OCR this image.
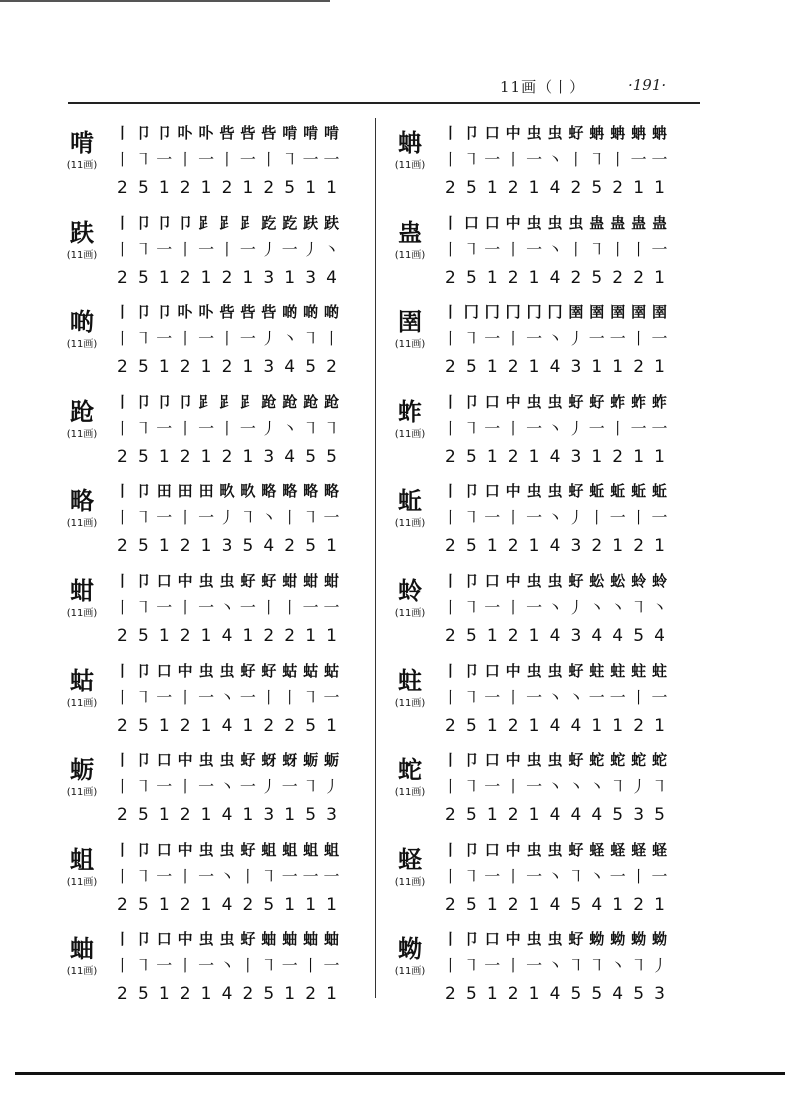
11画（丨）	·191·
啃
(11画)
丨 卩 卩 卟 卟 呰 呰 呰 啃 啃 啃
丨 ㇕ 一 丨 一 丨 一 丨 ㇕ 一 一
2 5 1 2 1 2 1 2 5 1 1
趺
(11画)
丨 卩 卩 卩 𧾷 𧾷 𧾷 趷 趷 趺 趺
丨 ㇕ 一 丨 一 丨 一 丿 一 丿 丶
2 5 1 2 1 2 1 3 1 3 4
啲
(11画)
丨 卩 卩 卟 卟 呰 呰 呰 啲 啲 啲
丨 ㇕ 一 丨 一 丨 一 丿 丶 ㇕ 丨
2 5 1 2 1 2 1 3 4 5 2
跄
(11画)
丨 卩 卩 卩 𧾷 𧾷 𧾷 跄 跄 跄 跄
丨 ㇕ 一 丨 一 丨 一 丿 丶 ㇕ ㇕
2 5 1 2 1 2 1 3 4 5 5
略
(11画)
丨 卩 田 田 田 畂 畂 略 略 略 略
丨 ㇕ 一 丨 一 丿 ㇕ 丶 丨 ㇕ 一
2 5 1 2 1 3 5 4 2 5 1
蚶
(11画)
丨 卩 口 中 虫 虫 虸 虸 蚶 蚶 蚶
丨 ㇕ 一 丨 一 丶 一 丨 丨 一 一
2 5 1 2 1 4 1 2 2 1 1
蛄
(11画)
丨 卩 口 中 虫 虫 虸 虸 蛄 蛄 蛄
丨 ㇕ 一 丨 一 丶 一 丨 丨 ㇕ 一
2 5 1 2 1 4 1 2 2 5 1
蛎
(11画)
丨 卩 口 中 虫 虫 虸 蚜 蚜 蛎 蛎
丨 ㇕ 一 丨 一 丶 一 丿 一 ㇕ 丿
2 5 1 2 1 4 1 3 1 5 3
蛆
(11画)
丨 卩 口 中 虫 虫 虸 蛆 蛆 蛆 蛆
丨 ㇕ 一 丨 一 丶 丨 ㇕ 一 一 一
2 5 1 2 1 4 2 5 1 1 1
蚰
(11画)
丨 卩 口 中 虫 虫 虸 蚰 蚰 蚰 蚰
丨 ㇕ 一 丨 一 丶 丨 ㇕ 一 丨 一
2 5 1 2 1 4 2 5 1 2 1
蚺
(11画)
丨 卩 口 中 虫 虫 虸 蚺 蚺 蚺 蚺
丨 ㇕ 一 丨 一 丶 丨 ㇕ 丨 一 一
2 5 1 2 1 4 2 5 2 1 1
蛊
(11画)
丨 口 口 中 虫 虫 虫 蛊 蛊 蛊 蛊
丨 ㇕ 一 丨 一 丶 丨 ㇕ 丨 丨 一
2 5 1 2 1 4 2 5 2 2 1
圉
(11画)
丨 冂 冂 冂 冂 冂 圉 圉 圉 圉 圉
丨 ㇕ 一 丨 一 丶 丿 一 一 丨 一
2 5 1 2 1 4 3 1 1 2 1
蚱
(11画)
丨 卩 口 中 虫 虫 虸 虸 蚱 蚱 蚱
丨 ㇕ 一 丨 一 丶 丿 一 丨 一 一
2 5 1 2 1 4 3 1 2 1 1
蚯
(11画)
丨 卩 口 中 虫 虫 虸 蚯 蚯 蚯 蚯
丨 ㇕ 一 丨 一 丶 丿 丨 一 丨 一
2 5 1 2 1 4 3 2 1 2 1
蛉
(11画)
丨 卩 口 中 虫 虫 虸 蚣 蚣 蛉 蛉
丨 ㇕ 一 丨 一 丶 丿 丶 丶 ㇕ 丶
2 5 1 2 1 4 3 4 4 5 4
蛀
(11画)
丨 卩 口 中 虫 虫 虸 蛀 蛀 蛀 蛀
丨 ㇕ 一 丨 一 丶 丶 一 一 丨 一
2 5 1 2 1 4 4 1 1 2 1
蛇
(11画)
丨 卩 口 中 虫 虫 虸 蛇 蛇 蛇 蛇
丨 ㇕ 一 丨 一 丶 丶 丶 ㇕ 丿 ㇕
2 5 1 2 1 4 4 4 5 3 5
蛏
(11画)
丨 卩 口 中 虫 虫 虸 蛏 蛏 蛏 蛏
丨 ㇕ 一 丨 一 丶 ㇕ 丶 一 丨 一
2 5 1 2 1 4 5 4 1 2 1
蚴
(11画)
丨 卩 口 中 虫 虫 虸 蚴 蚴 蚴 蚴
丨 ㇕ 一 丨 一 丶 ㇕ ㇕ 丶 ㇕ 丿
2 5 1 2 1 4 5 5 4 5 3
